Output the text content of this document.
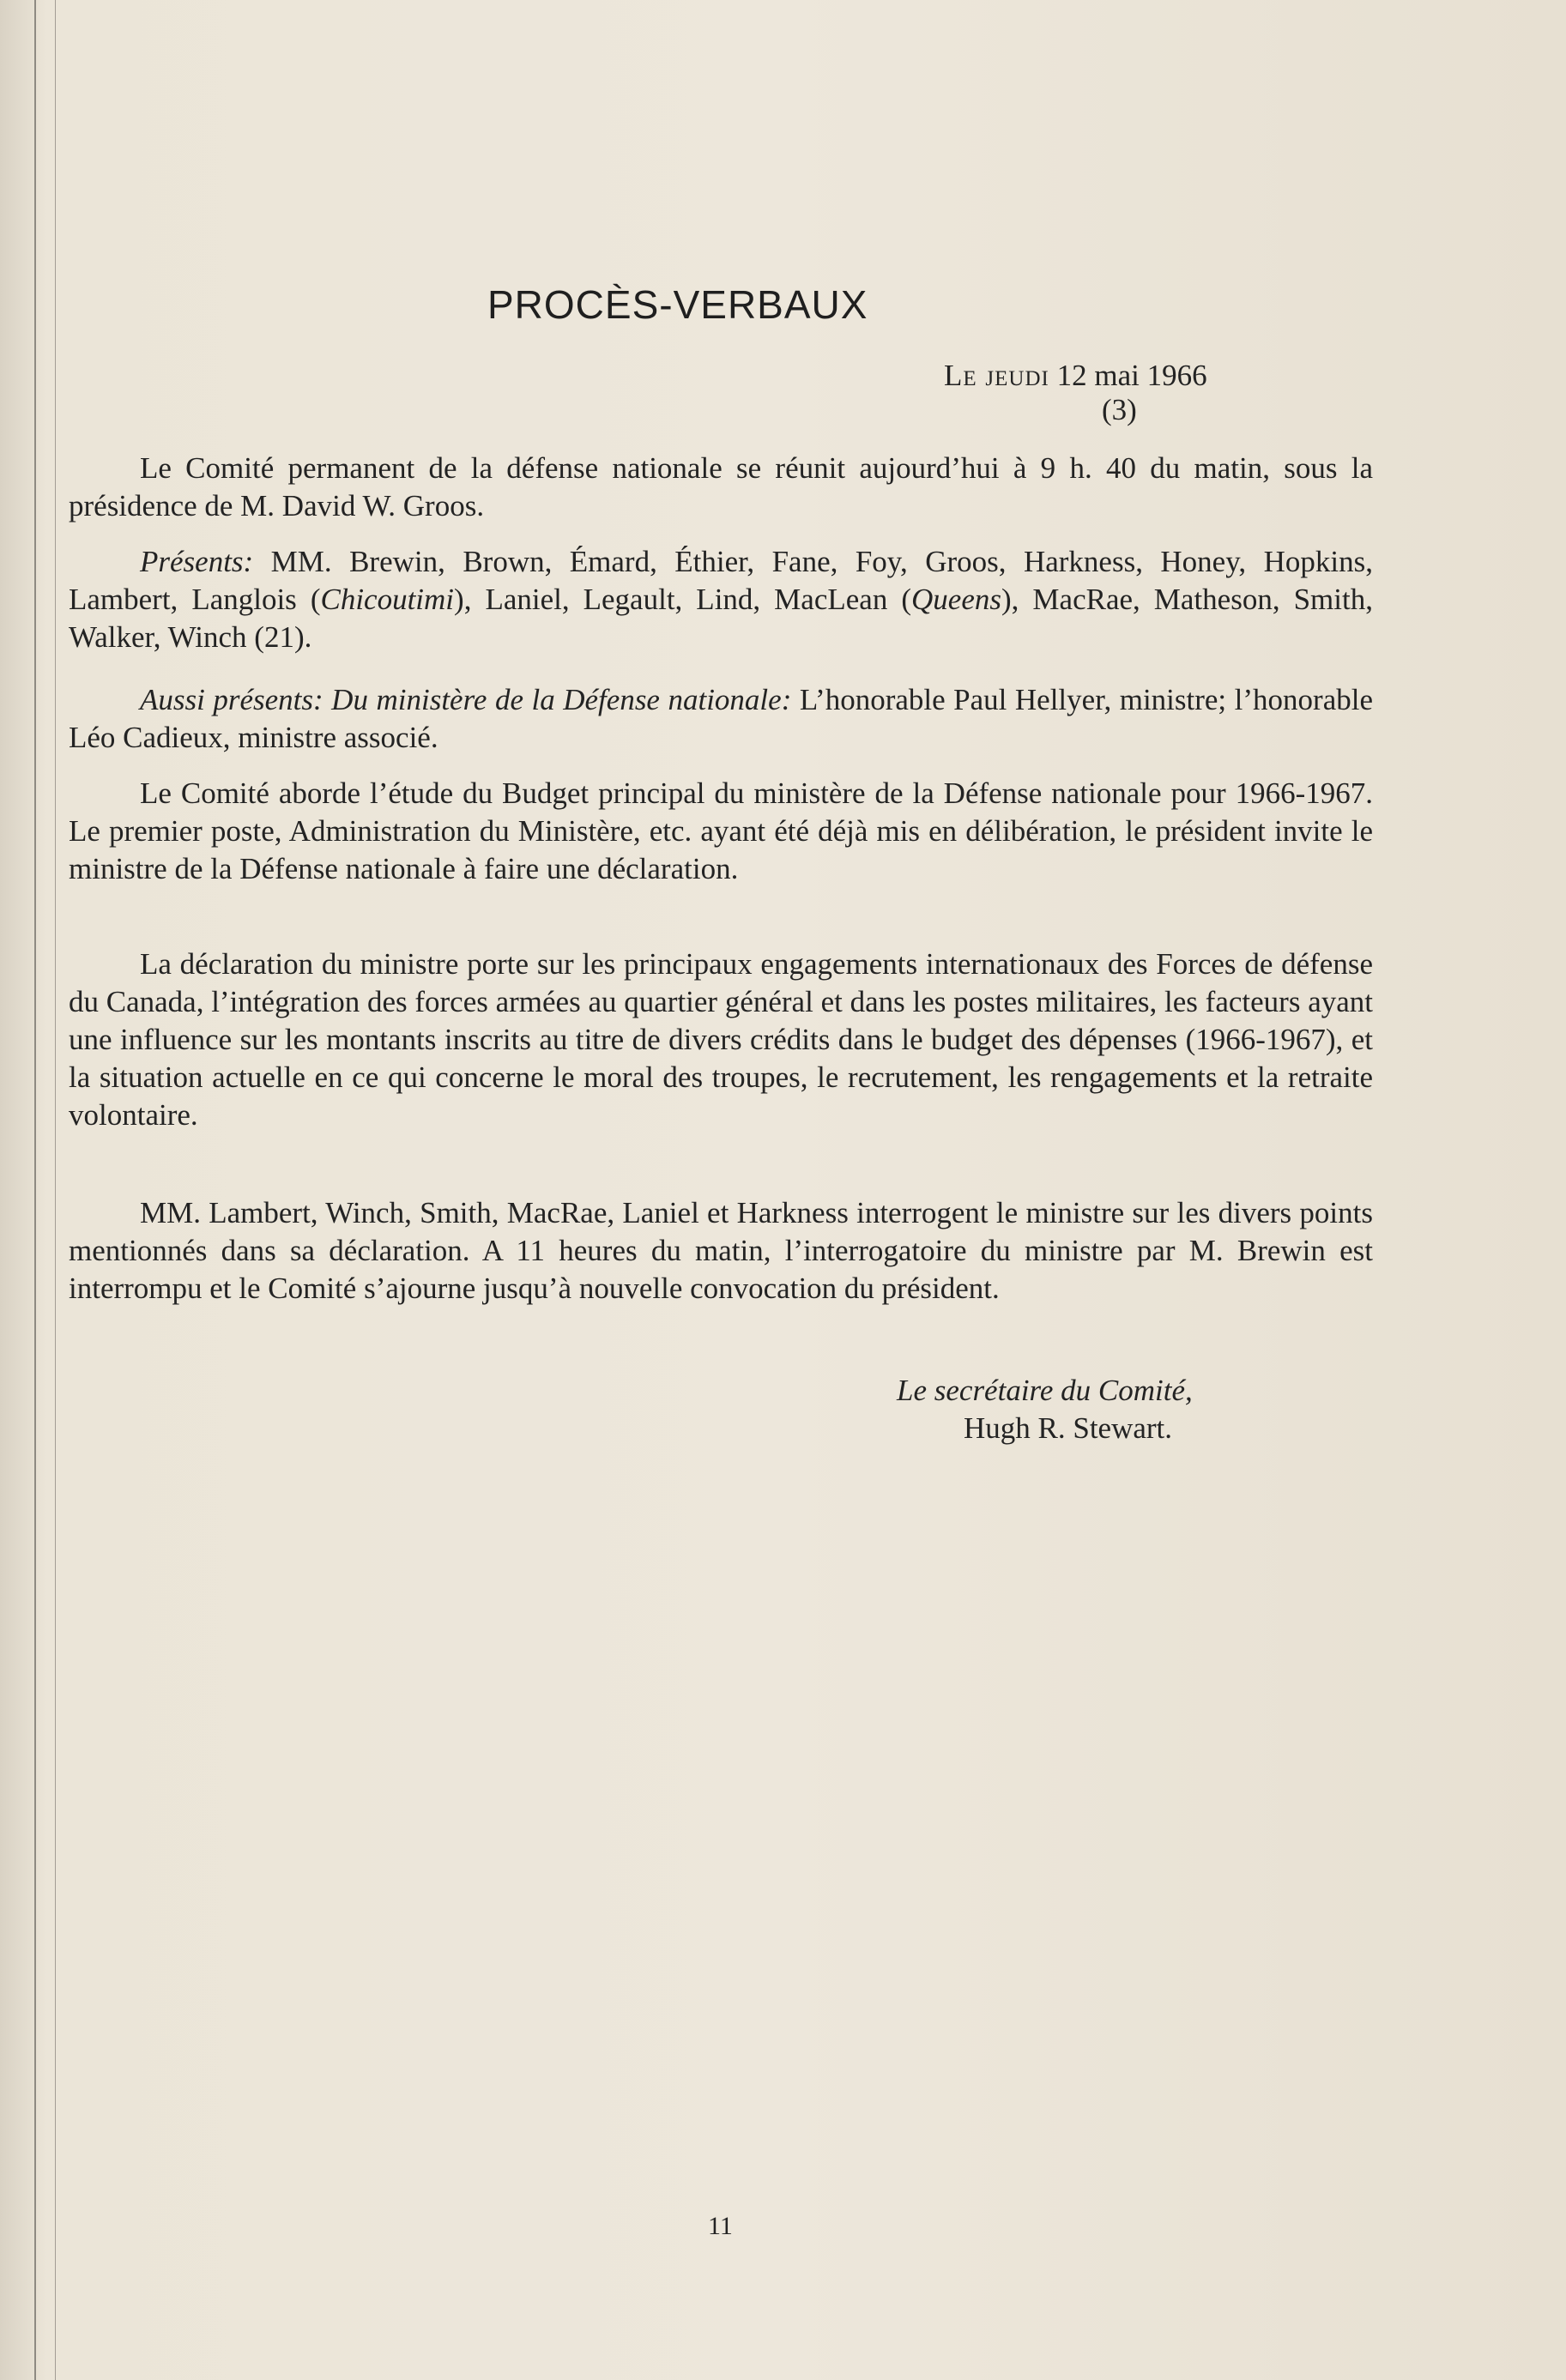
PROCÈS-VERBAUX
Le jeudi 12 mai 1966
(3)
Le Comité permanent de la défense nationale se réunit aujourd’hui à 9 h. 40 du matin, sous la présidence de M. David W. Groos.
Présents: MM. Brewin, Brown, Émard, Éthier, Fane, Foy, Groos, Harkness, Honey, Hopkins, Lambert, Langlois (Chicoutimi), Laniel, Legault, Lind, MacLean (Queens), MacRae, Matheson, Smith, Walker, Winch (21).
Aussi présents: Du ministère de la Défense nationale: L’honorable Paul Hellyer, ministre; l’honorable Léo Cadieux, ministre associé.
Le Comité aborde l’étude du Budget principal du ministère de la Défense nationale pour 1966-1967. Le premier poste, Administration du Ministère, etc. ayant été déjà mis en délibération, le président invite le ministre de la Défense nationale à faire une déclaration.
La déclaration du ministre porte sur les principaux engagements internationaux des Forces de défense du Canada, l’intégration des forces armées au quartier général et dans les postes militaires, les facteurs ayant une influence sur les montants inscrits au titre de divers crédits dans le budget des dépenses (1966-1967), et la situation actuelle en ce qui concerne le moral des troupes, le recrutement, les rengagements et la retraite volontaire.
MM. Lambert, Winch, Smith, MacRae, Laniel et Harkness interrogent le ministre sur les divers points mentionnés dans sa déclaration. A 11 heures du matin, l’interrogatoire du ministre par M. Brewin est interrompu et le Comité s’ajourne jusqu’à nouvelle convocation du président.
Le secrétaire du Comité,
Hugh R. Stewart.
11
